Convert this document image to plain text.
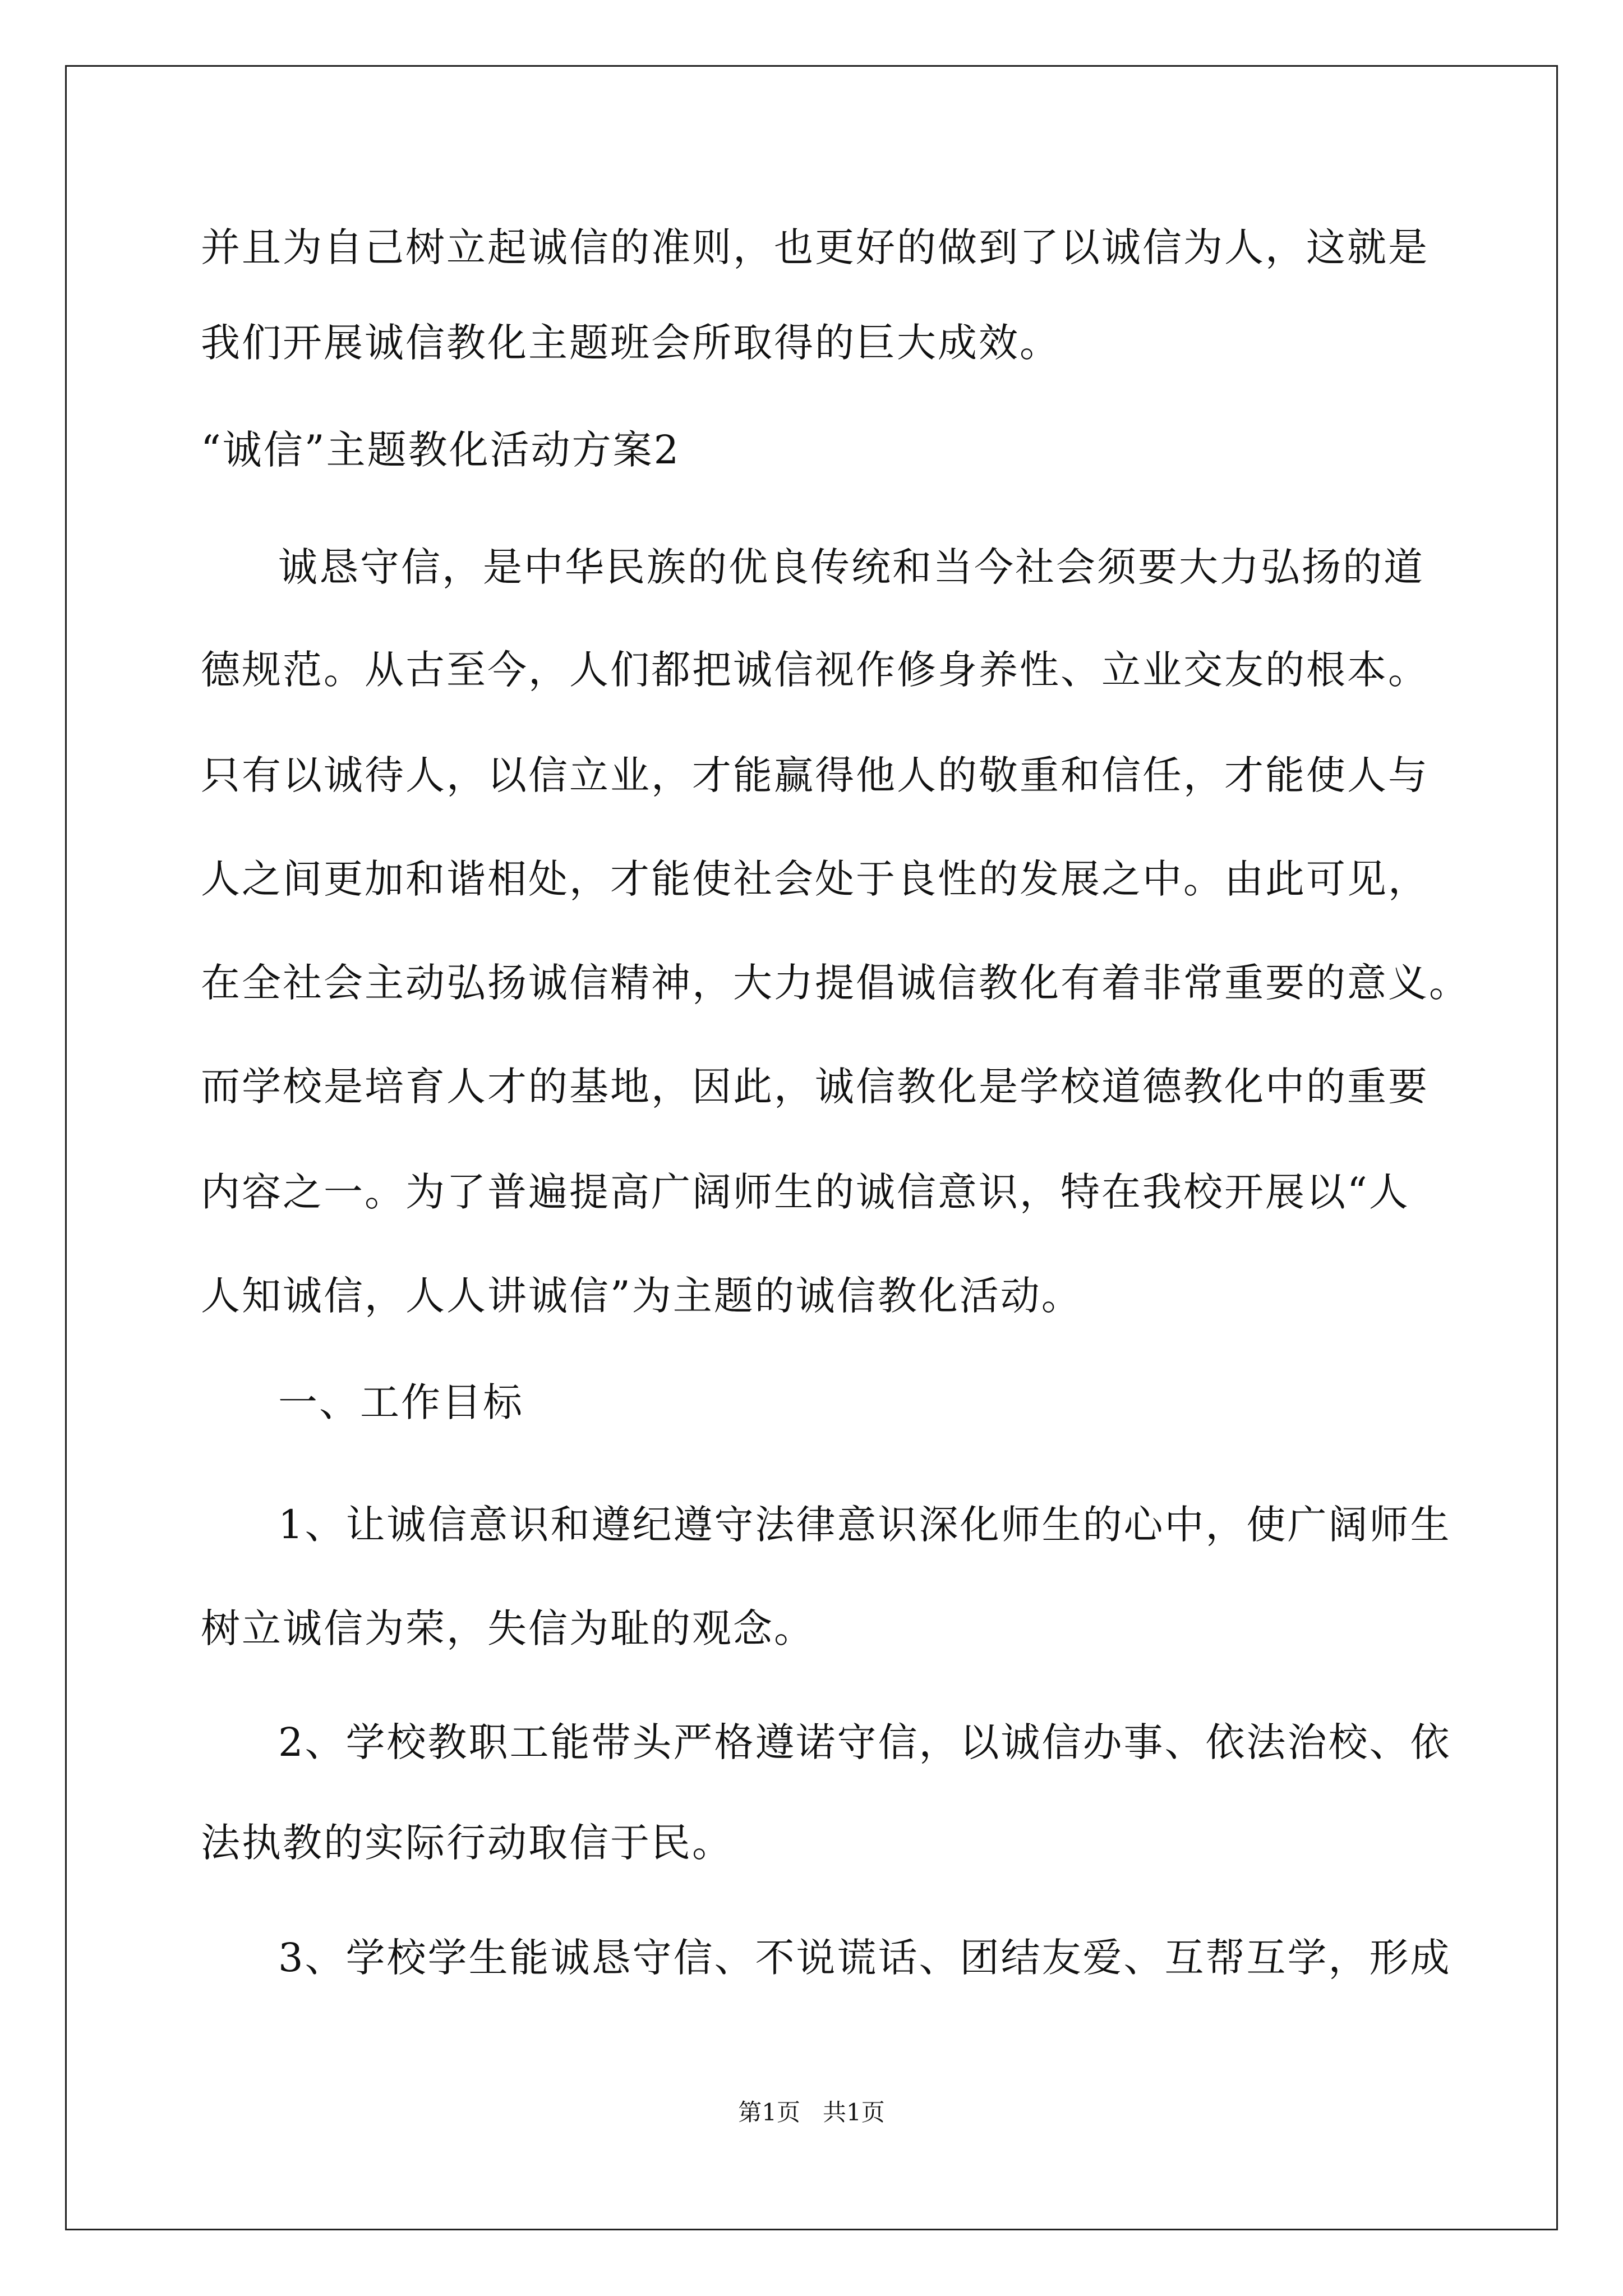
并且为自己树立起诚信的准则，也更好的做到了以诚信为人，这就是
我们开展诚信教化主题班会所取得的巨大成效。
“诚信”主题教化活动方案2
诚恳守信，是中华民族的优良传统和当今社会须要大力弘扬的道
德规范。从古至今，人们都把诚信视作修身养性、立业交友的根本。
只有以诚待人，以信立业，才能赢得他人的敬重和信任，才能使人与
人之间更加和谐相处，才能使社会处于良性的发展之中。由此可见，
在全社会主动弘扬诚信精神，大力提倡诚信教化有着非常重要的意义。
而学校是培育人才的基地，因此，诚信教化是学校道德教化中的重要
内容之一。为了普遍提高广阔师生的诚信意识，特在我校开展以“人
人知诚信，人人讲诚信”为主题的诚信教化活动。
一、工作目标
1、让诚信意识和遵纪遵守法律意识深化师生的心中，使广阔师生
树立诚信为荣，失信为耻的观念。
2、学校教职工能带头严格遵诺守信，以诚信办事、依法治校、依
法执教的实际行动取信于民。
3、学校学生能诚恳守信、不说谎话、团结友爱、互帮互学，形成
第1页   共1页
